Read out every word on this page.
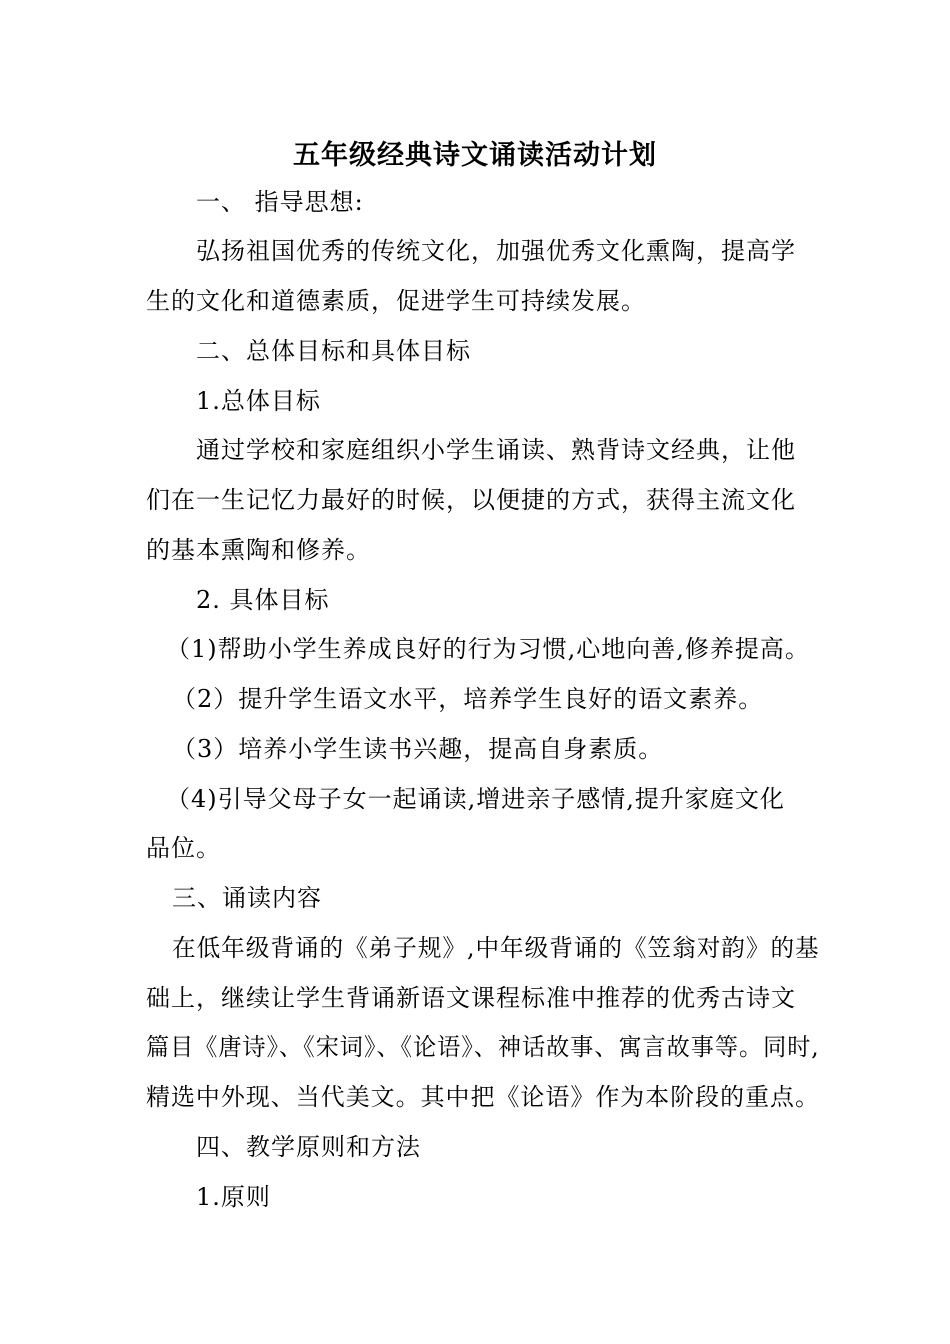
五年级经典诗文诵读活动计划
一、 指导思想:
弘扬祖国优秀的传统文化，加强优秀文化熏陶，提高学
生的文化和道德素质，促进学生可持续发展。
二、总体目标和具体目标
1.总体目标
通过学校和家庭组织小学生诵读、熟背诗文经典，让他
们在一生记忆力最好的时候，以便捷的方式，获得主流文化
的基本熏陶和修养。
2. 具体目标
（1)帮助小学生养成良好的行为习惯,心地向善,修养提高。
（2）提升学生语文水平，培养学生良好的语文素养。
（3）培养小学生读书兴趣，提高自身素质。
（4)引导父母子女一起诵读,增进亲子感情,提升家庭文化
品位。
三、诵读内容
在低年级背诵的《弟子规》,中年级背诵的《笠翁对韵》的基
础上，继续让学生背诵新语文课程标准中推荐的优秀古诗文
篇目《唐诗》、《宋词》、《论语》、神话故事、寓言故事等。同时,
精选中外现、当代美文。其中把《论语》作为本阶段的重点。
四、教学原则和方法
1.原则
